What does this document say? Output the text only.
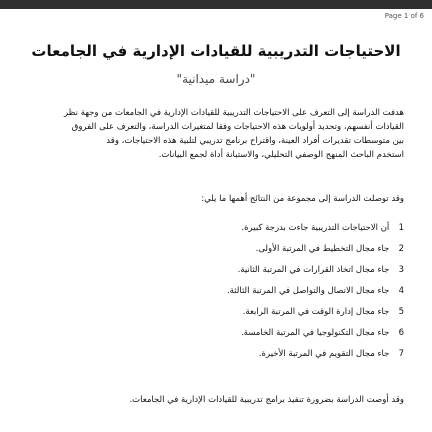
Page 1 of 6
الاحتياجات التدريبية للقيادات الإدارية في الجامعات
"دراسة ميدانية"

هدفت الدراسة إلى التعرف على الاحتياجات التدريبية للقيادات الإدارية في الجامعات من وجهة نظر

القيادات أنفسهم، وتحديد أولويات هذه الاحتياجات وفقا لمتغيرات الدراسة، والتعرف على الفروق

بين متوسطات تقديرات أفراد العينة، واقتراح برنامج تدريبي لتلبية هذه الاحتياجات، وقد

استخدم الباحث المنهج الوصفي التحليلي، والاستبانة أداة لجمع البيانات.

وقد توصلت الدراسة إلى مجموعة من النتائج أهمها ما يلي:
1 أن الاحتياجات التدريبية جاءت بدرجة كبيرة.
2 جاء مجال التخطيط في المرتبة الأولى.
3 جاء مجال اتخاذ القرارات في المرتبة الثانية.
4 جاء مجال الاتصال والتواصل في المرتبة الثالثة.
5 جاء مجال إدارة الوقت في المرتبة الرابعة.
6 جاء مجال التكنولوجيا في المرتبة الخامسة.
7 جاء مجال التقويم في المرتبة الأخيرة.
وقد أوصت الدراسة بضرورة تنفيذ برامج تدريبية للقيادات الإدارية في الجامعات.
